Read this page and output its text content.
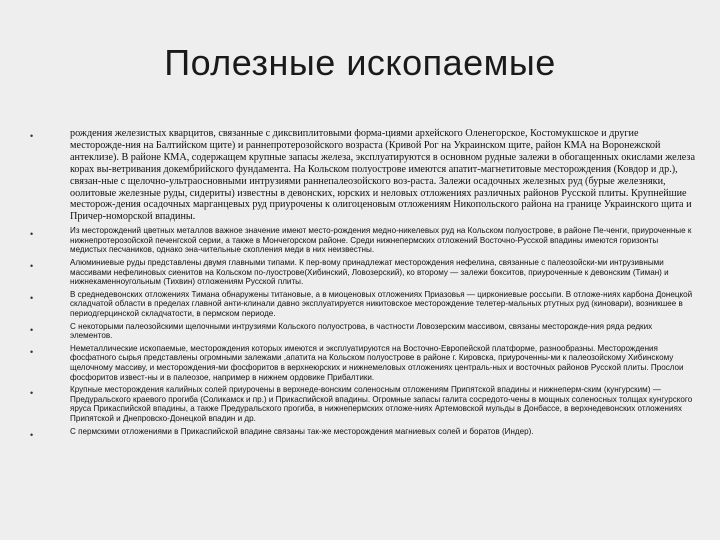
Полезные ископаемые
•	рождения железистых кварцитов, связанные с диксвиплитовыми форма-циями архейского Оленегорское, Костомукшское и другие месторожде-ния на Балтийском щите) и раннепротерозойского возраста (Кривой Рог на Украинском щите, район КМА на Воронежской антеклизе). В районе КМА, содержащем крупные запасы железа, эксплуатируются в основном рудные залежи в обогащенных окислами железа корах вы-ветривания докембрийского фундамента. На Кольском полуострове имеются апатит-магнетитовые месторождения (Ковдор и др.), связан-ные с щелочно-ультраосновными интрузиями раннепалеозойского воз-раста. Залежи осадочных железных руд (бурые железняки, оолитовые железные руды, сидериты) известны в девонских, юрских и неловых отложениях различных районов Русской плиты. Крупнейшие месторож-дения осадочных марганцевых руд приурочены к олигоценовым отложениям Никопольского района на границе Украинского щита и Причер-номорской впадины.
•	Из месторождений цветных металлов важное значение имеют место-рождения медно-никелевых руд на Кольском полуострове, в районе Пе-ченги, приуроченные к нижнепротерозойской печенгской серии, а также в Мончегорском районе. Среди нижнепермских отложений Восточно-Русской впадины имеются горизонты медистых песчаников, однако эна-чительные скопления меди в них неизвестны.
•	Алюминиевые руды представлены двумя главными типами. К пер-вому принадлежат месторождения нефелина, связанные с палеозойски-ми интрузивными массивами нефелиновых сиенитов на Кольском по-луострове(Хибинский, Ловозерский), ко второму — залежи бокситов, приуроченные к девонским (Тиман) и нижнекаменноугольным (Тихвин) отложениям Русской плиты.
•	В среднедевонских отложениях Тимана обнаружены титановые, а в миоценовых отложениях Приазовья — циркониевые россыпи. В отложе-ниях карбона Донецкой складчатой области в пределах главной анти-клинали давно эксплуатируется никитовское месторождение телетер-мальных ртутных руд (киновари), возникшее в периодгерцинской складчатости, в пермском периоде.
•	С некоторыми палеозойскими щелочными интрузиями Кольского полуострова, в частности Ловозерским массивом, связаны месторожде-ния ряда редких элементов.
•	Неметаллические ископаемые, месторождения которых имеются и эксплуатируются на Восточно-Европейской платформе, разнообразны. Месторождения фосфатного сырья представлены огромными залежами ,апатита на Кольском полуострове в районе г. Кировска, приуроченны-ми к палеозойскому Хибинскому щелочному массиву, и месторождения-ми фосфоритов в верхнеюрских и нижнемеловых отложениях централь-ных и восточных районов Русской плиты. Прослои фосфоритов извест-ны и в палеозое, например в нижнем ордовике Прибалтики.
•	Крупные месторождения калийных солей приурочены в верхнеде-вонским соленосным отложениям Припятской впадины и нижнеперм-ским (кунгурским) — Предуральского краевого прогиба (Соликамск и пр.) и Прикаспийской впадины. Огромные запасы галита сосредото-чены в мощных соленосных толщах кунгурского яруса Прикаспийской впадины, а также Предуральского прогиба, в нижнепермских отложе-ниях Артемовской мульды в Донбассе, в верхнедевонских отложениях Припятской и Днепровско-Донецкой впадин и др.
•	С пермскими отложениями в Прикаспийской впадине связаны так-же месторождения магниевых солей и боратов (Индер).
